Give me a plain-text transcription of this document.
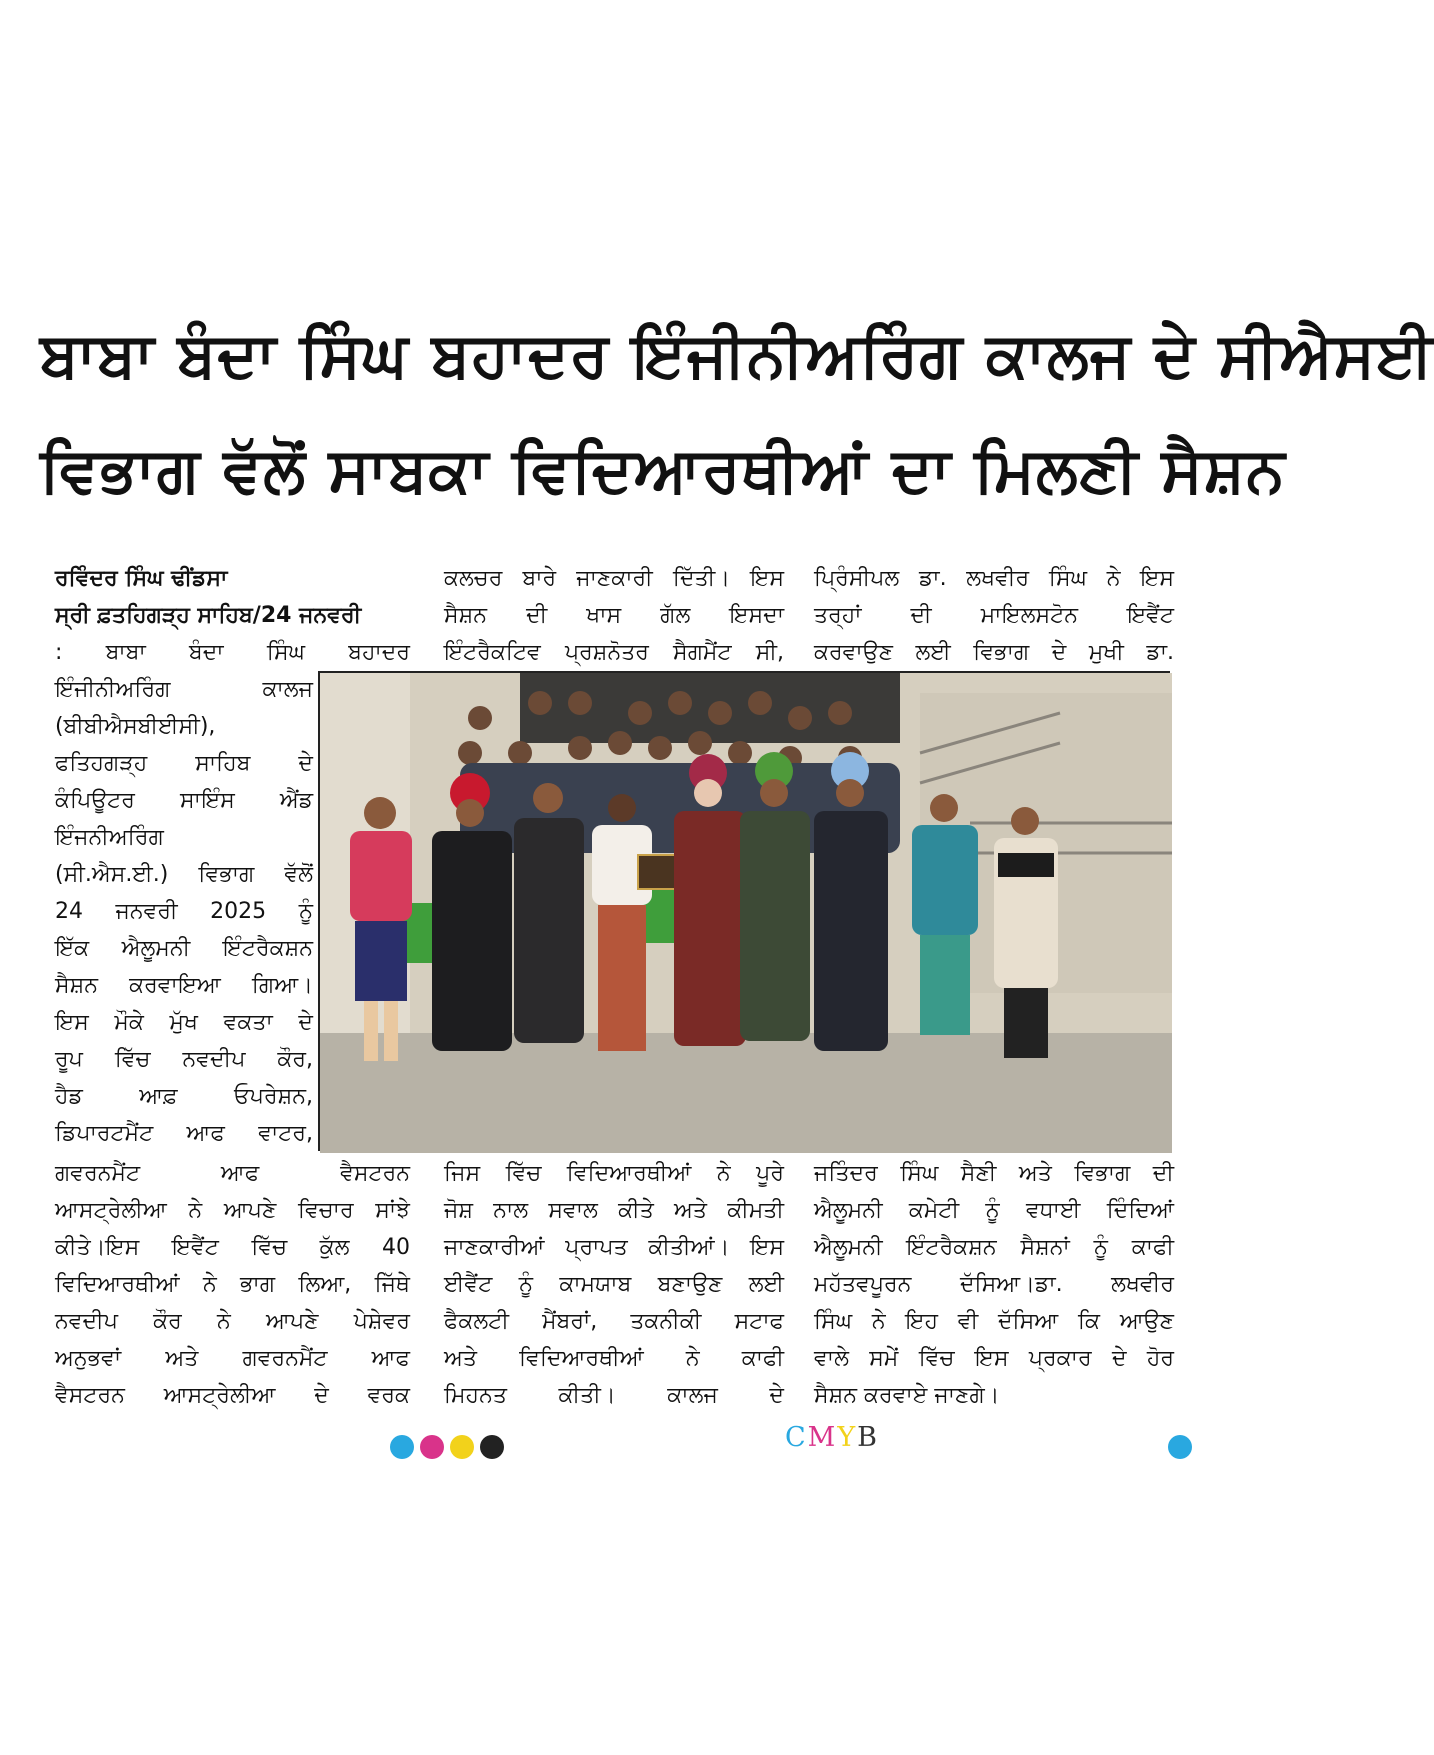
ਬਾਬਾ ਬੰਦਾ ਸਿੰਘ ਬਹਾਦਰ ਇੰਜੀਨੀਅਰਿੰਗ ਕਾਲਜ ਦੇ ਸੀਐਸਈ
ਵਿਭਾਗ ਵੱਲੋਂ ਸਾਬਕਾ ਵਿਦਿਆਰਥੀਆਂ ਦਾ ਮਿਲਣੀ ਸੈਸ਼ਨ
ਰਵਿੰਦਰ ਸਿੰਘ ਢੀਂਡਸਾ
ਸ੍ਰੀ ਫ਼ਤਹਿਗੜ੍ਹ ਸਾਹਿਬ/24 ਜਨਵਰੀ
: ਬਾਬਾ ਬੰਦਾ ਸਿੰਘ ਬਹਾਦਰ
ਇੰਜੀਨੀਅਰਿੰਗ ਕਾਲਜ
(ਬੀਬੀਐਸਬੀਈਸੀ),
ਫਤਿਹਗੜ੍ਹ ਸਾਹਿਬ ਦੇ
ਕੰਪਿਊਟਰ ਸਾਇੰਸ ਐਂਡ
ਇੰਜਨੀਅਰਿੰਗ
(ਸੀ.ਐਸ.ਈ.) ਵਿਭਾਗ ਵੱਲੋਂ
24 ਜਨਵਰੀ 2025 ਨੂੰ
ਇੱਕ ਐਲੂਮਨੀ ਇੰਟਰੈਕਸ਼ਨ
ਸੈਸ਼ਨ ਕਰਵਾਇਆ ਗਿਆ।
ਇਸ ਮੌਕੇ ਮੁੱਖ ਵਕਤਾ ਦੇ
ਰੂਪ ਵਿੱਚ ਨਵਦੀਪ ਕੌਰ,
ਹੈਡ ਆਫ਼ ਓਪਰੇਸ਼ਨ,
ਡਿਪਾਰਟਮੈਂਟ ਆਫ ਵਾਟਰ,
ਗਵਰਨਮੈਂਟ ਆਫ ਵੈਸਟਰਨ
ਆਸਟ੍ਰੇਲੀਆ ਨੇ ਆਪਣੇ ਵਿਚਾਰ ਸਾਂਝੇ
ਕੀਤੇ।ਇਸ ਇਵੈਂਟ ਵਿੱਚ ਕੁੱਲ 40
ਵਿਦਿਆਰਥੀਆਂ ਨੇ ਭਾਗ ਲਿਆ, ਜਿੱਥੇ
ਨਵਦੀਪ ਕੌਰ ਨੇ ਆਪਣੇ ਪੇਸ਼ੇਵਰ
ਅਨੁਭਵਾਂ ਅਤੇ ਗਵਰਨਮੈਂਟ ਆਫ
ਵੈਸਟਰਨ ਆਸਟ੍ਰੇਲੀਆ ਦੇ ਵਰਕ
ਕਲਚਰ ਬਾਰੇ ਜਾਣਕਾਰੀ ਦਿੱਤੀ। ਇਸ
ਸੈਸ਼ਨ ਦੀ ਖਾਸ ਗੱਲ ਇਸਦਾ
ਇੰਟਰੈਕਟਿਵ ਪ੍ਰਸ਼ਨੋਤਰ ਸੈਗਮੈਂਟ ਸੀ,
ਜਿਸ ਵਿੱਚ ਵਿਦਿਆਰਥੀਆਂ ਨੇ ਪੂਰੇ
ਜੋਸ਼ ਨਾਲ ਸਵਾਲ ਕੀਤੇ ਅਤੇ ਕੀਮਤੀ
ਜਾਣਕਾਰੀਆਂ ਪ੍ਰਾਪਤ ਕੀਤੀਆਂ। ਇਸ
ਈਵੈਂਟ ਨੂੰ ਕਾਮਯਾਬ ਬਣਾਉਣ ਲਈ
ਫੈਕਲਟੀ ਮੈਂਬਰਾਂ, ਤਕਨੀਕੀ ਸਟਾਫ
ਅਤੇ ਵਿਦਿਆਰਥੀਆਂ ਨੇ ਕਾਫੀ
ਮਿਹਨਤ ਕੀਤੀ। ਕਾਲਜ ਦੇ
ਪ੍ਰਿੰਸੀਪਲ ਡਾ. ਲਖਵੀਰ ਸਿੰਘ ਨੇ ਇਸ
ਤਰ੍ਹਾਂ ਦੀ ਮਾਇਲਸਟੋਨ ਇਵੈਂਟ
ਕਰਵਾਉਣ ਲਈ ਵਿਭਾਗ ਦੇ ਮੁਖੀ ਡਾ.
ਜਤਿੰਦਰ ਸਿੰਘ ਸੈਣੀ ਅਤੇ ਵਿਭਾਗ ਦੀ
ਐਲੂਮਨੀ ਕਮੇਟੀ ਨੂੰ ਵਧਾਈ ਦਿੰਦਿਆਂ
ਐਲੂਮਨੀ ਇੰਟਰੈਕਸ਼ਨ ਸੈਸ਼ਨਾਂ ਨੂੰ ਕਾਫੀ
ਮਹੱਤਵਪੂਰਨ ਦੱਸਿਆ।ਡਾ. ਲਖਵੀਰ
ਸਿੰਘ ਨੇ ਇਹ ਵੀ ਦੱਸਿਆ ਕਿ ਆਉਣ
ਵਾਲੇ ਸਮੇਂ ਵਿੱਚ ਇਸ ਪ੍ਰਕਾਰ ਦੇ ਹੋਰ
ਸੈਸ਼ਨ ਕਰਵਾਏ ਜਾਣਗੇ।
CMYB
